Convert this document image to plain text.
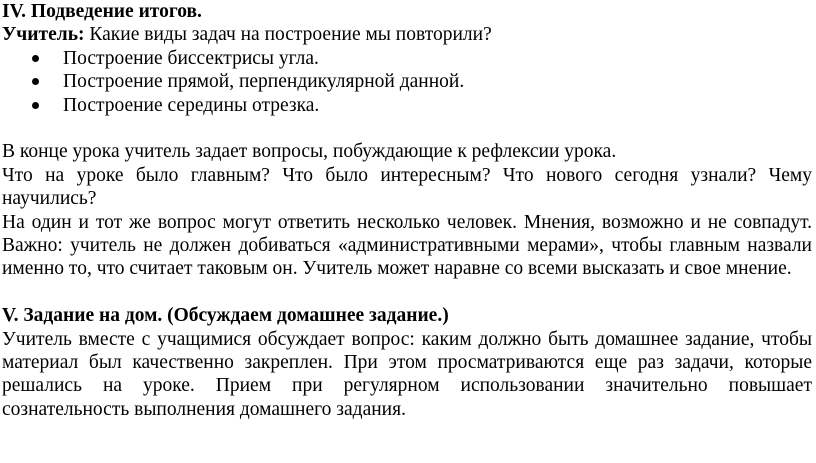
IV. Подведение итогов.

Учитель: Какие виды задач на построение мы повторили?

Построение биссектрисы угла.
Построение прямой, перпендикулярной данной.
Построение середины отрезка.

В конце урока учитель задает вопросы, побуждающие к рефлексии урока.

Что на уроке было главным? Что было интересным? Что нового сегодня узнали? Чему научились?

На один и тот же вопрос могут ответить несколько человек. Мнения, возможно и не совпадут. Важно: учитель не должен добиваться «административными мерами», чтобы главным назвали именно то, что считает таковым он. Учитель может наравне со всеми высказать и свое мнение.

V. Задание на дом. (Обсуждаем домашнее задание.)

Учитель вместе с учащимися обсуждает вопрос: каким должно быть домашнее задание, чтобы материал был качественно закреплен. При этом просматриваются еще раз задачи, которые решались на уроке. Прием при регулярном использовании значительно повышает сознательность выполнения домашнего задания.
